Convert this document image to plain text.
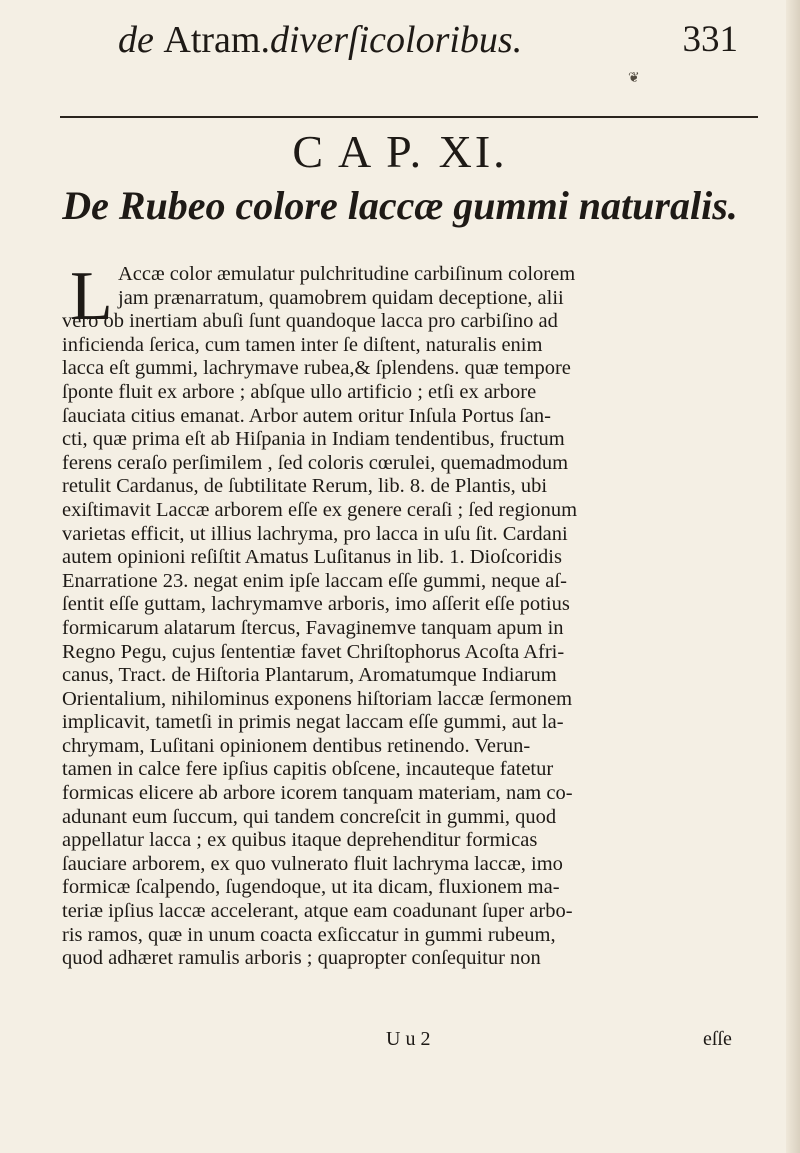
de Atram.diverſicoloribus.	331
❦
C A P. XI.
De Rubeo colore laccæ gummi naturalis.
L Accæ color æmulatur pulchritudine carbiſinum colorem
jam prænarratum, quamobrem quidam deceptione, alii
vero ob inertiam abuſi ſunt quandoque lacca pro carbiſino ad
inficienda ſerica, cum tamen inter ſe diſtent, naturalis enim
lacca eſt gummi, lachrymave rubea,& ſplendens. quæ tempore
ſponte fluit ex arbore ; abſque ullo artificio ; etſi ex arbore
ſauciata citius emanat. Arbor autem oritur Inſula Portus ſan-
cti, quæ prima eſt ab Hiſpania in Indiam tendentibus, fructum
ferens ceraſo perſimilem , ſed coloris cœrulei, quemadmodum
retulit Cardanus, de ſubtilitate Rerum, lib. 8. de Plantis, ubi
exiſtimavit Laccæ arborem eſſe ex genere ceraſi ; ſed regionum
varietas efficit, ut illius lachryma, pro lacca in uſu ſit. Cardani
autem opinioni reſiſtit Amatus Luſitanus in lib. 1. Dioſcoridis
Enarratione 23. negat enim ipſe laccam eſſe gummi, neque aſ-
ſentit eſſe guttam, lachrymamve arboris, imo aſſerit eſſe potius
formicarum alatarum ſtercus, Favaginemve tanquam apum in
Regno Pegu, cujus ſententiæ favet Chriſtophorus Acoſta Afri-
canus, Tract. de Hiſtoria Plantarum, Aromatumque Indiarum
Orientalium, nihilominus exponens hiſtoriam laccæ ſermonem
implicavit, tametſi in primis negat laccam eſſe gummi, aut la-
chrymam, Luſitani opinionem dentibus retinendo. Verun-
tamen in calce fere ipſius capitis obſcene, incauteque fatetur
formicas elicere ab arbore icorem tanquam materiam, nam co-
adunant eum ſuccum, qui tandem concreſcit in gummi, quod
appellatur lacca ; ex quibus itaque deprehenditur formicas
ſauciare arborem, ex quo vulnerato fluit lachryma laccæ, imo
formicæ ſcalpendo, ſugendoque, ut ita dicam, fluxionem ma-
teriæ ipſius laccæ accelerant, atque eam coadunant ſuper arbo-
ris ramos, quæ in unum coacta exſiccatur in gummi rubeum,
quod adhæret ramulis arboris ; quapropter conſequitur non
U u 2	eſſe
